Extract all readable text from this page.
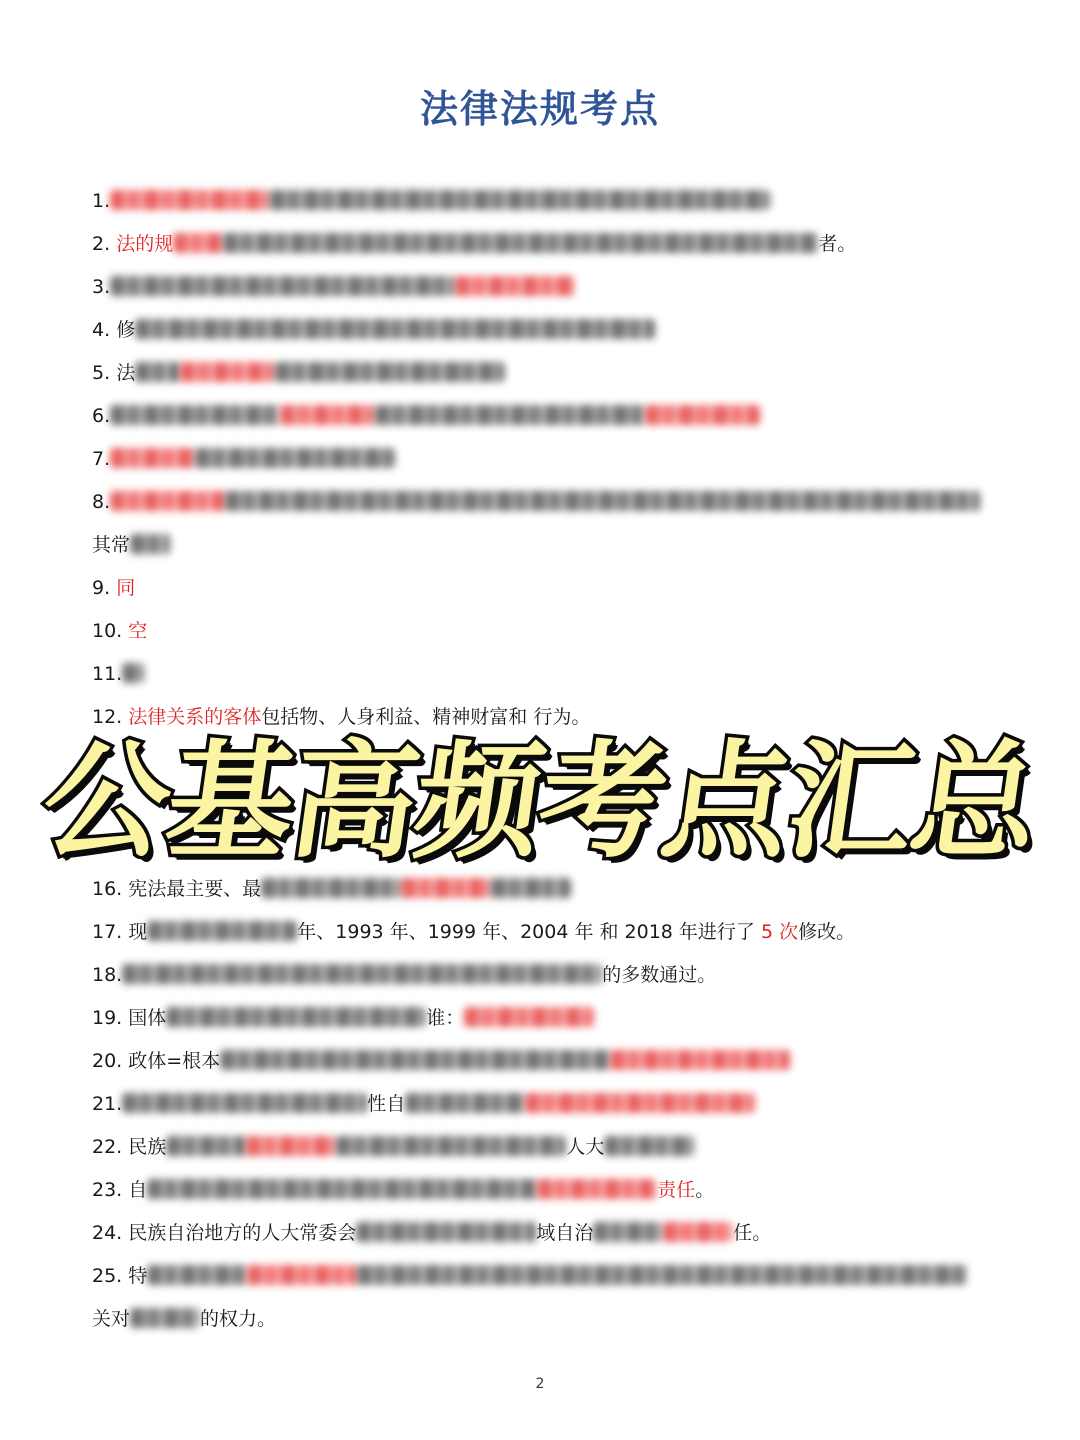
法律法规考点
1.
2. 法的规	者。
3.
4. 修
5. 法
6.
7.
8.
其常
9. 同
10. 空
11.
12. 法律关系的客体包括物、人身利益、精神财富和 行为。
16. 宪法最主要、最
17. 现	年、1993 年、1999 年、2004 年 和 2018 年进行了 5 次修改。
18.	的多数通过。
19. 国体	谁：
20. 政体=根本
21.	性自
22. 民族	人大
23. 自	责任。
24. 民族自治地方的人大常委会	域自治	任。
25. 特
关对	的权力。
公基高频考点汇总
2
